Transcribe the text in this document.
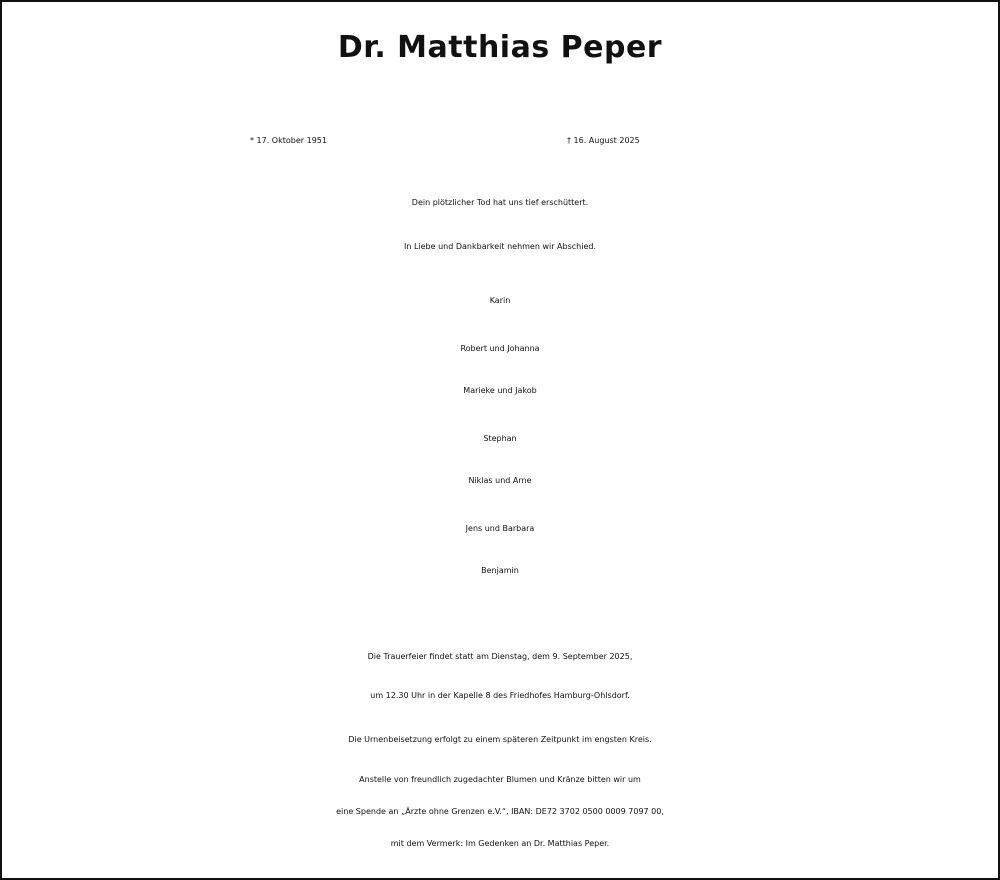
Dr. Matthias Peper
* 17. Oktober 1951	† 16. August 2025
Dein plötzlicher Tod hat uns tief erschüttert.
In Liebe und Dankbarkeit nehmen wir Abschied.
Karin
Robert und Johanna
Marieke und Jakob
Stephan
Niklas und Arne
Jens und Barbara
Benjamin
Die Trauerfeier findet statt am Dienstag, dem 9. September 2025,
um 12.30 Uhr in der Kapelle 8 des Friedhofes Hamburg-Ohlsdorf.
Die Urnenbeisetzung erfolgt zu einem späteren Zeitpunkt im engsten Kreis.
Anstelle von freundlich zugedachter Blumen und Kränze bitten wir um
eine Spende an „Ärzte ohne Grenzen e.V.“, IBAN: DE72 3702 0500 0009 7097 00,
mit dem Vermerk: Im Gedenken an Dr. Matthias Peper.
